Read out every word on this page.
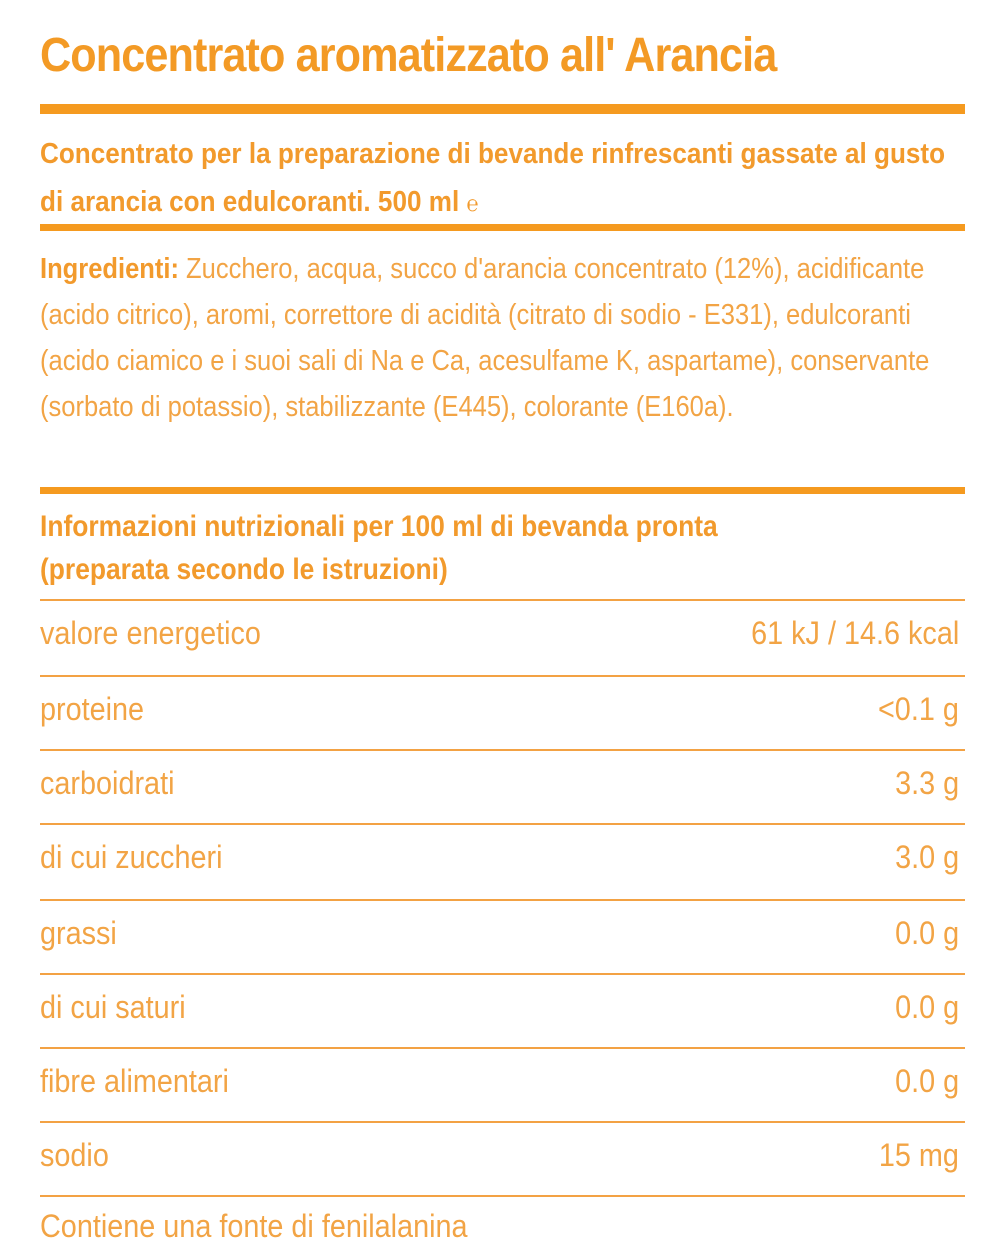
Concentrato aromatizzato all' Arancia
Concentrato per la preparazione di bevande rinfrescanti gassate al gusto di arancia con edulcoranti. 500 ml ℮
Ingredienti: Zucchero, acqua, succo d'arancia concentrato (12%), acidificante (acido citrico), aromi, correttore di acidità (citrato di sodio - E331), edulcoranti (acido ciamico e i suoi sali di Na e Ca, acesulfame K, aspartame), conservante (sorbato di potassio), stabilizzante (E445), colorante (E160a).
Informazioni nutrizionali per 100 ml di bevanda pronta
(preparata secondo le istruzioni)
valore energetico	61 kJ / 14.6 kcal
proteine	<0.1 g
carboidrati	3.3 g
di cui zuccheri	3.0 g
grassi	0.0 g
di cui saturi	0.0 g
fibre alimentari	0.0 g
sodio	15 mg
Contiene una fonte di fenilalanina
